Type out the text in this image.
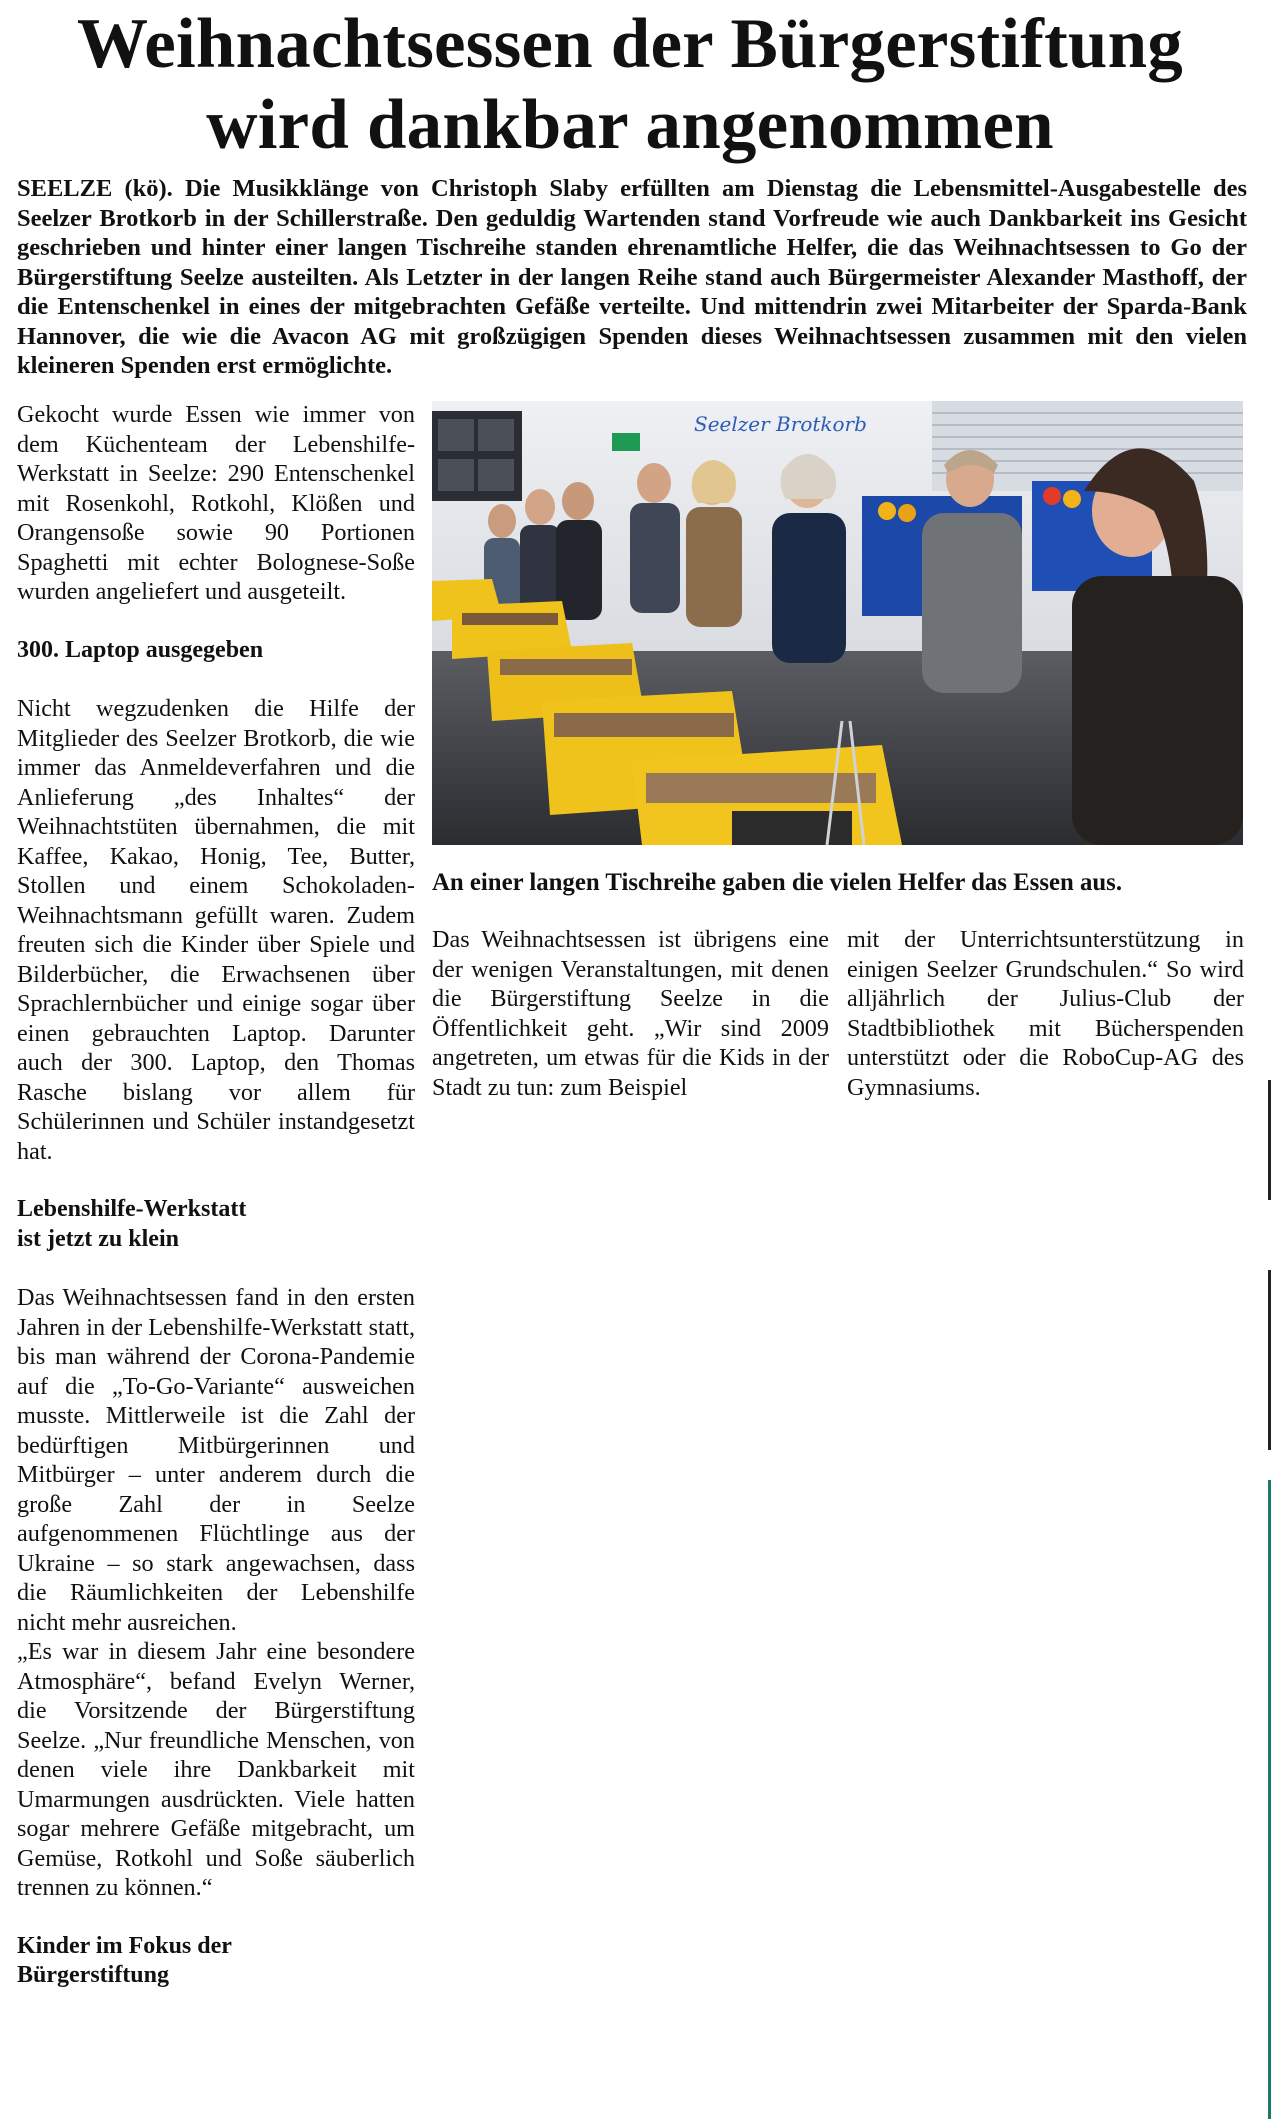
Weihnachtsessen der Bürgerstiftung
wird dankbar angenommen

SEELZE (kö). Die Musikklänge von Christoph Slaby erfüllten am Dienstag die Lebensmittel-Ausgabestelle des Seelzer Brotkorb in der Schillerstraße. Den geduldig Wartenden stand Vorfreude wie auch Dankbarkeit ins Gesicht geschrieben und hinter einer langen Tischreihe standen ehrenamtliche Helfer, die das Weihnachtsessen to Go der Bürgerstiftung Seelze austeilten. Als Letzter in der langen Reihe stand auch Bürgermeister Alexander Masthoff, der die Entenschenkel in eines der mitgebrachten Gefäße verteilte. Und mittendrin zwei Mitarbeiter der Sparda-Bank Hannover, die wie die Avacon AG mit großzügigen Spenden dieses Weihnachtsessen zusammen mit den vielen kleineren Spenden erst ermöglichte.

Gekocht wurde Essen wie immer von dem Küchenteam der Lebenshilfe-Werkstatt in Seelze: 290 Entenschenkel mit Rosenkohl, Rotkohl, Klößen und Orangensoße sowie 90 Portionen Spaghetti mit echter Bolognese-Soße wurden angeliefert und ausgeteilt.

300. Laptop ausgegeben

Nicht wegzudenken die Hilfe der Mitglieder des Seelzer Brotkorb, die wie immer das Anmeldeverfahren und die Anlieferung „des Inhaltes“ der Weihnachtstüten übernahmen, die mit Kaffee, Kakao, Honig, Tee, Butter, Stollen und einem Schokoladen-Weihnachtsmann gefüllt waren. Zudem freuten sich die Kinder über Spiele und Bilderbücher, die Erwachsenen über Sprachlernbücher und einige sogar über einen gebrauchten Laptop. Darunter auch der 300. Laptop, den Thomas Rasche bislang vor allem für Schülerinnen und Schüler instandgesetzt hat.

Lebenshilfe-Werkstatt
ist jetzt zu klein

Das Weihnachtsessen fand in den ersten Jahren in der Lebenshilfe-Werkstatt statt, bis man während der Corona-Pandemie auf die „To-Go-Variante“ ausweichen musste. Mittlerweile ist die Zahl der bedürftigen Mitbürgerinnen und Mitbürger – unter anderem durch die große Zahl der in Seelze aufgenommenen Flüchtlinge aus der Ukraine – so stark angewachsen, dass die Räumlichkeiten der Lebenshilfe nicht mehr ausreichen.

„Es war in diesem Jahr eine besondere Atmosphäre“, befand Evelyn Werner, die Vorsitzende der Bürgerstiftung Seelze. „Nur freundliche Menschen, von denen viele ihre Dankbarkeit mit Umarmungen ausdrückten. Viele hatten sogar mehrere Gefäße mitgebracht, um Gemüse, Rotkohl und Soße säuberlich trennen zu können.“

Kinder im Fokus der
Bürgerstiftung
Seelzer Brotkorb

An einer langen Tischreihe gaben die vielen Helfer das Essen aus.

Das Weihnachtsessen ist übrigens eine der wenigen Veranstaltungen, mit denen die Bürgerstiftung Seelze in die Öffentlichkeit geht. „Wir sind 2009 angetreten, um etwas für die Kids in der Stadt zu tun: zum Beispiel

mit der Unterrichtsunterstützung in einigen Seelzer Grundschulen.“ So wird alljährlich der Julius-Club der Stadtbibliothek mit Bücherspenden unterstützt oder die RoboCup-AG des Gymnasiums.
